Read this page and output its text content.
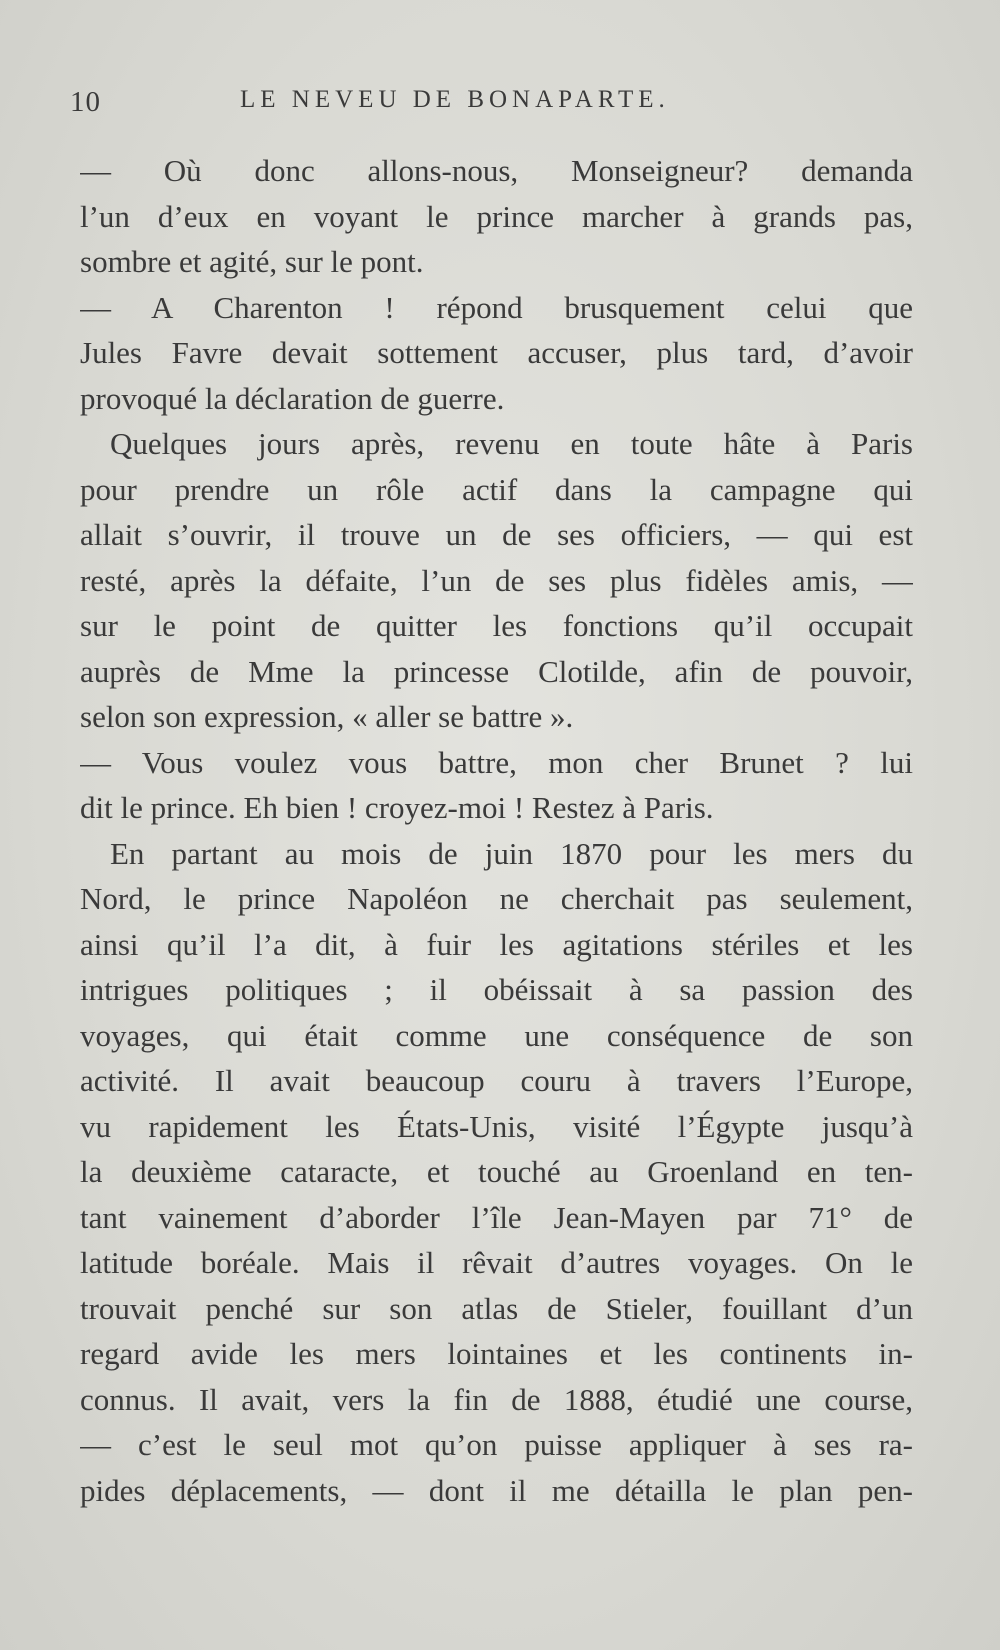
10	LE NEVEU DE BONAPARTE.
— Où donc allons-nous, Monseigneur? demanda
l’un d’eux en voyant le prince marcher à grands pas,
sombre et agité, sur le pont.
— A Charenton ! répond brusquement celui que
Jules Favre devait sottement accuser, plus tard, d’avoir
provoqué la déclaration de guerre.
Quelques jours après, revenu en toute hâte à Paris
pour prendre un rôle actif dans la campagne qui
allait s’ouvrir, il trouve un de ses officiers, — qui est
resté, après la défaite, l’un de ses plus fidèles amis, —
sur le point de quitter les fonctions qu’il occupait
auprès de Mme la princesse Clotilde, afin de pouvoir,
selon son expression, « aller se battre ».
— Vous voulez vous battre, mon cher Brunet ? lui
dit le prince. Eh bien ! croyez-moi ! Restez à Paris.
En partant au mois de juin 1870 pour les mers du
Nord, le prince Napoléon ne cherchait pas seulement,
ainsi qu’il l’a dit, à fuir les agitations stériles et les
intrigues politiques ; il obéissait à sa passion des
voyages, qui était comme une conséquence de son
activité. Il avait beaucoup couru à travers l’Europe,
vu rapidement les États-Unis, visité l’Égypte jusqu’à
la deuxième cataracte, et touché au Groenland en ten-
tant vainement d’aborder l’île Jean-Mayen par 71° de
latitude boréale. Mais il rêvait d’autres voyages. On le
trouvait penché sur son atlas de Stieler, fouillant d’un
regard avide les mers lointaines et les continents in-
connus. Il avait, vers la fin de 1888, étudié une course,
— c’est le seul mot qu’on puisse appliquer à ses ra-
pides déplacements, — dont il me détailla le plan pen-
